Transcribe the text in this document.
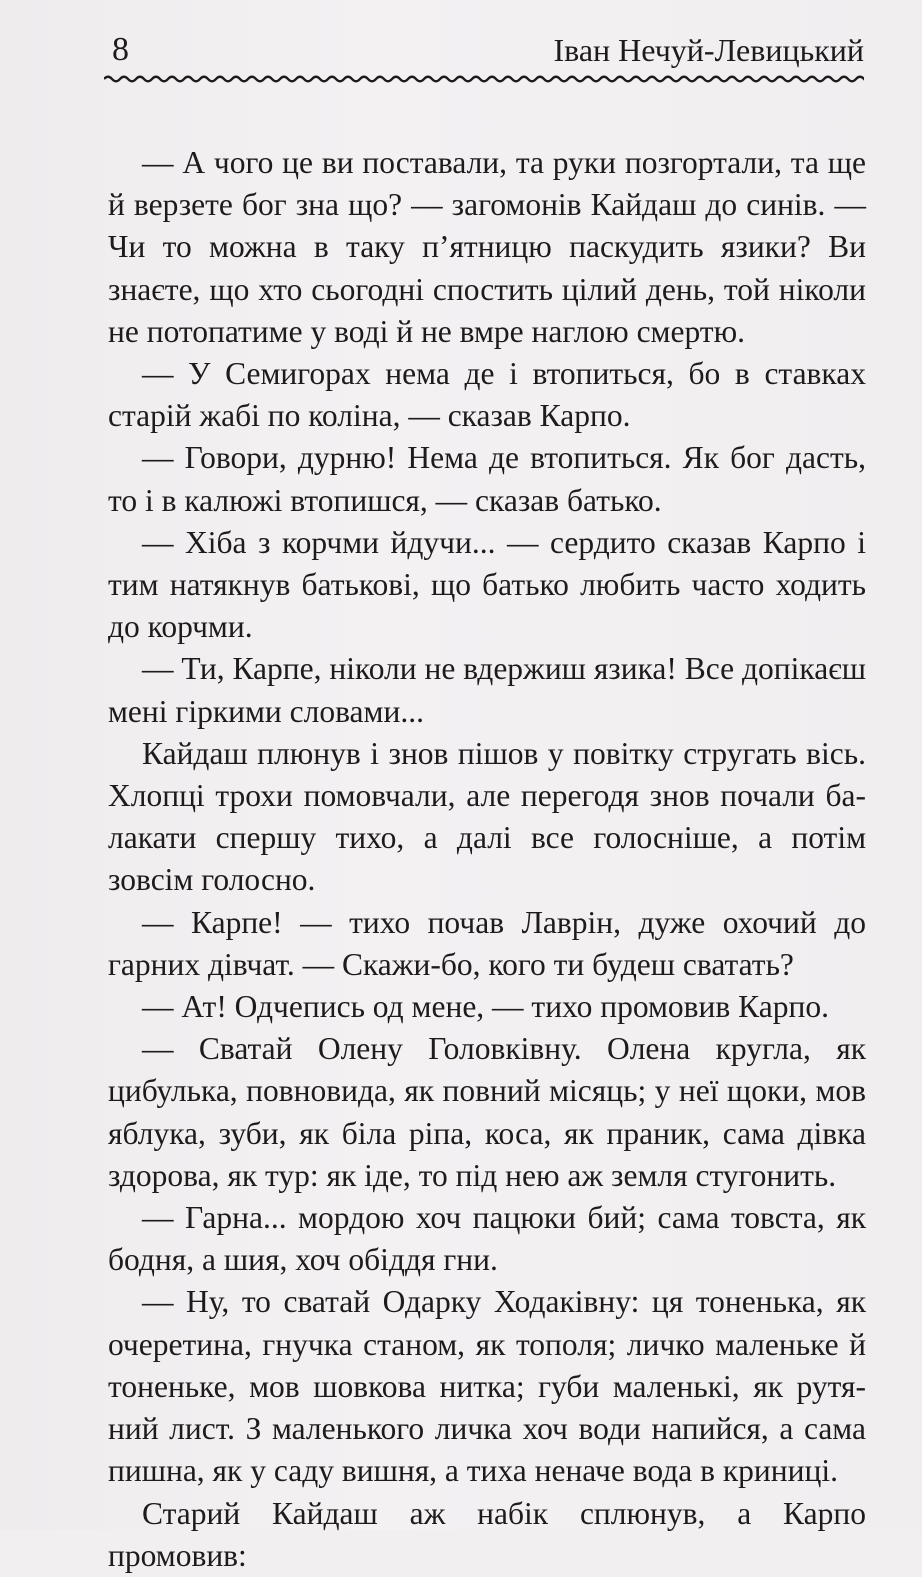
8	Іван Нечуй-Левицький

— А чого це ви поставали, та руки позгортали, та ще й верзете бог зна що? — загомонів Кайдаш до синів. — Чи то можна в таку п’ятницю паскудить язики? Ви знаєте, що хто сьогодні спостить цілий день, той ніколи не потопатиме у воді й не вмре наглою смертю.

— У Семигорах нема де і втопиться, бо в ставках старій жабі по коліна, — сказав Карпо.

— Говори, дурню! Нема де втопиться. Як бог дасть, то і в калюжі втопишся, — сказав батько.

— Хіба з корчми йдучи... — сердито сказав Карпо і тим натякнув батькові, що батько любить часто ходить до корчми.

— Ти, Карпе, ніколи не вдержиш язика! Все допікаєш мені гіркими словами...

Кайдаш плюнув і знов пішов у повітку стругать вісь. Хлопці трохи помовчали, але перегодя знов почали балакати спершу тихо, а далі все голосніше, а потім зовсім голосно.

— Карпе! — тихо почав Лаврін, дуже охочий до гарних дівчат. — Скажи-бо, кого ти будеш сватать?

— Ат! Одчепись од мене, — тихо промовив Карпо.

— Сватай Олену Головківну. Олена кругла, як цибулька, повновида, як повний місяць; у неї щоки, мов яблука, зуби, як біла ріпа, коса, як праник, сама дівка здорова, як тур: як іде, то під нею аж земля стугонить.

— Гарна... мордою хоч пацюки бий; сама товста, як бодня, а шия, хоч обіддя гни.

— Ну, то сватай Одарку Ходаківну: ця тоненька, як очеретина, гнучка станом, як тополя; личко маленьке й тоненьке, мов шовкова нитка; губи маленькі, як рутяний лист. З маленького личка хоч води напийся, а сама пишна, як у саду вишня, а тиха неначе вода в криниці.

Старий Кайдаш аж набік сплюнув, а Карпо промовив:
